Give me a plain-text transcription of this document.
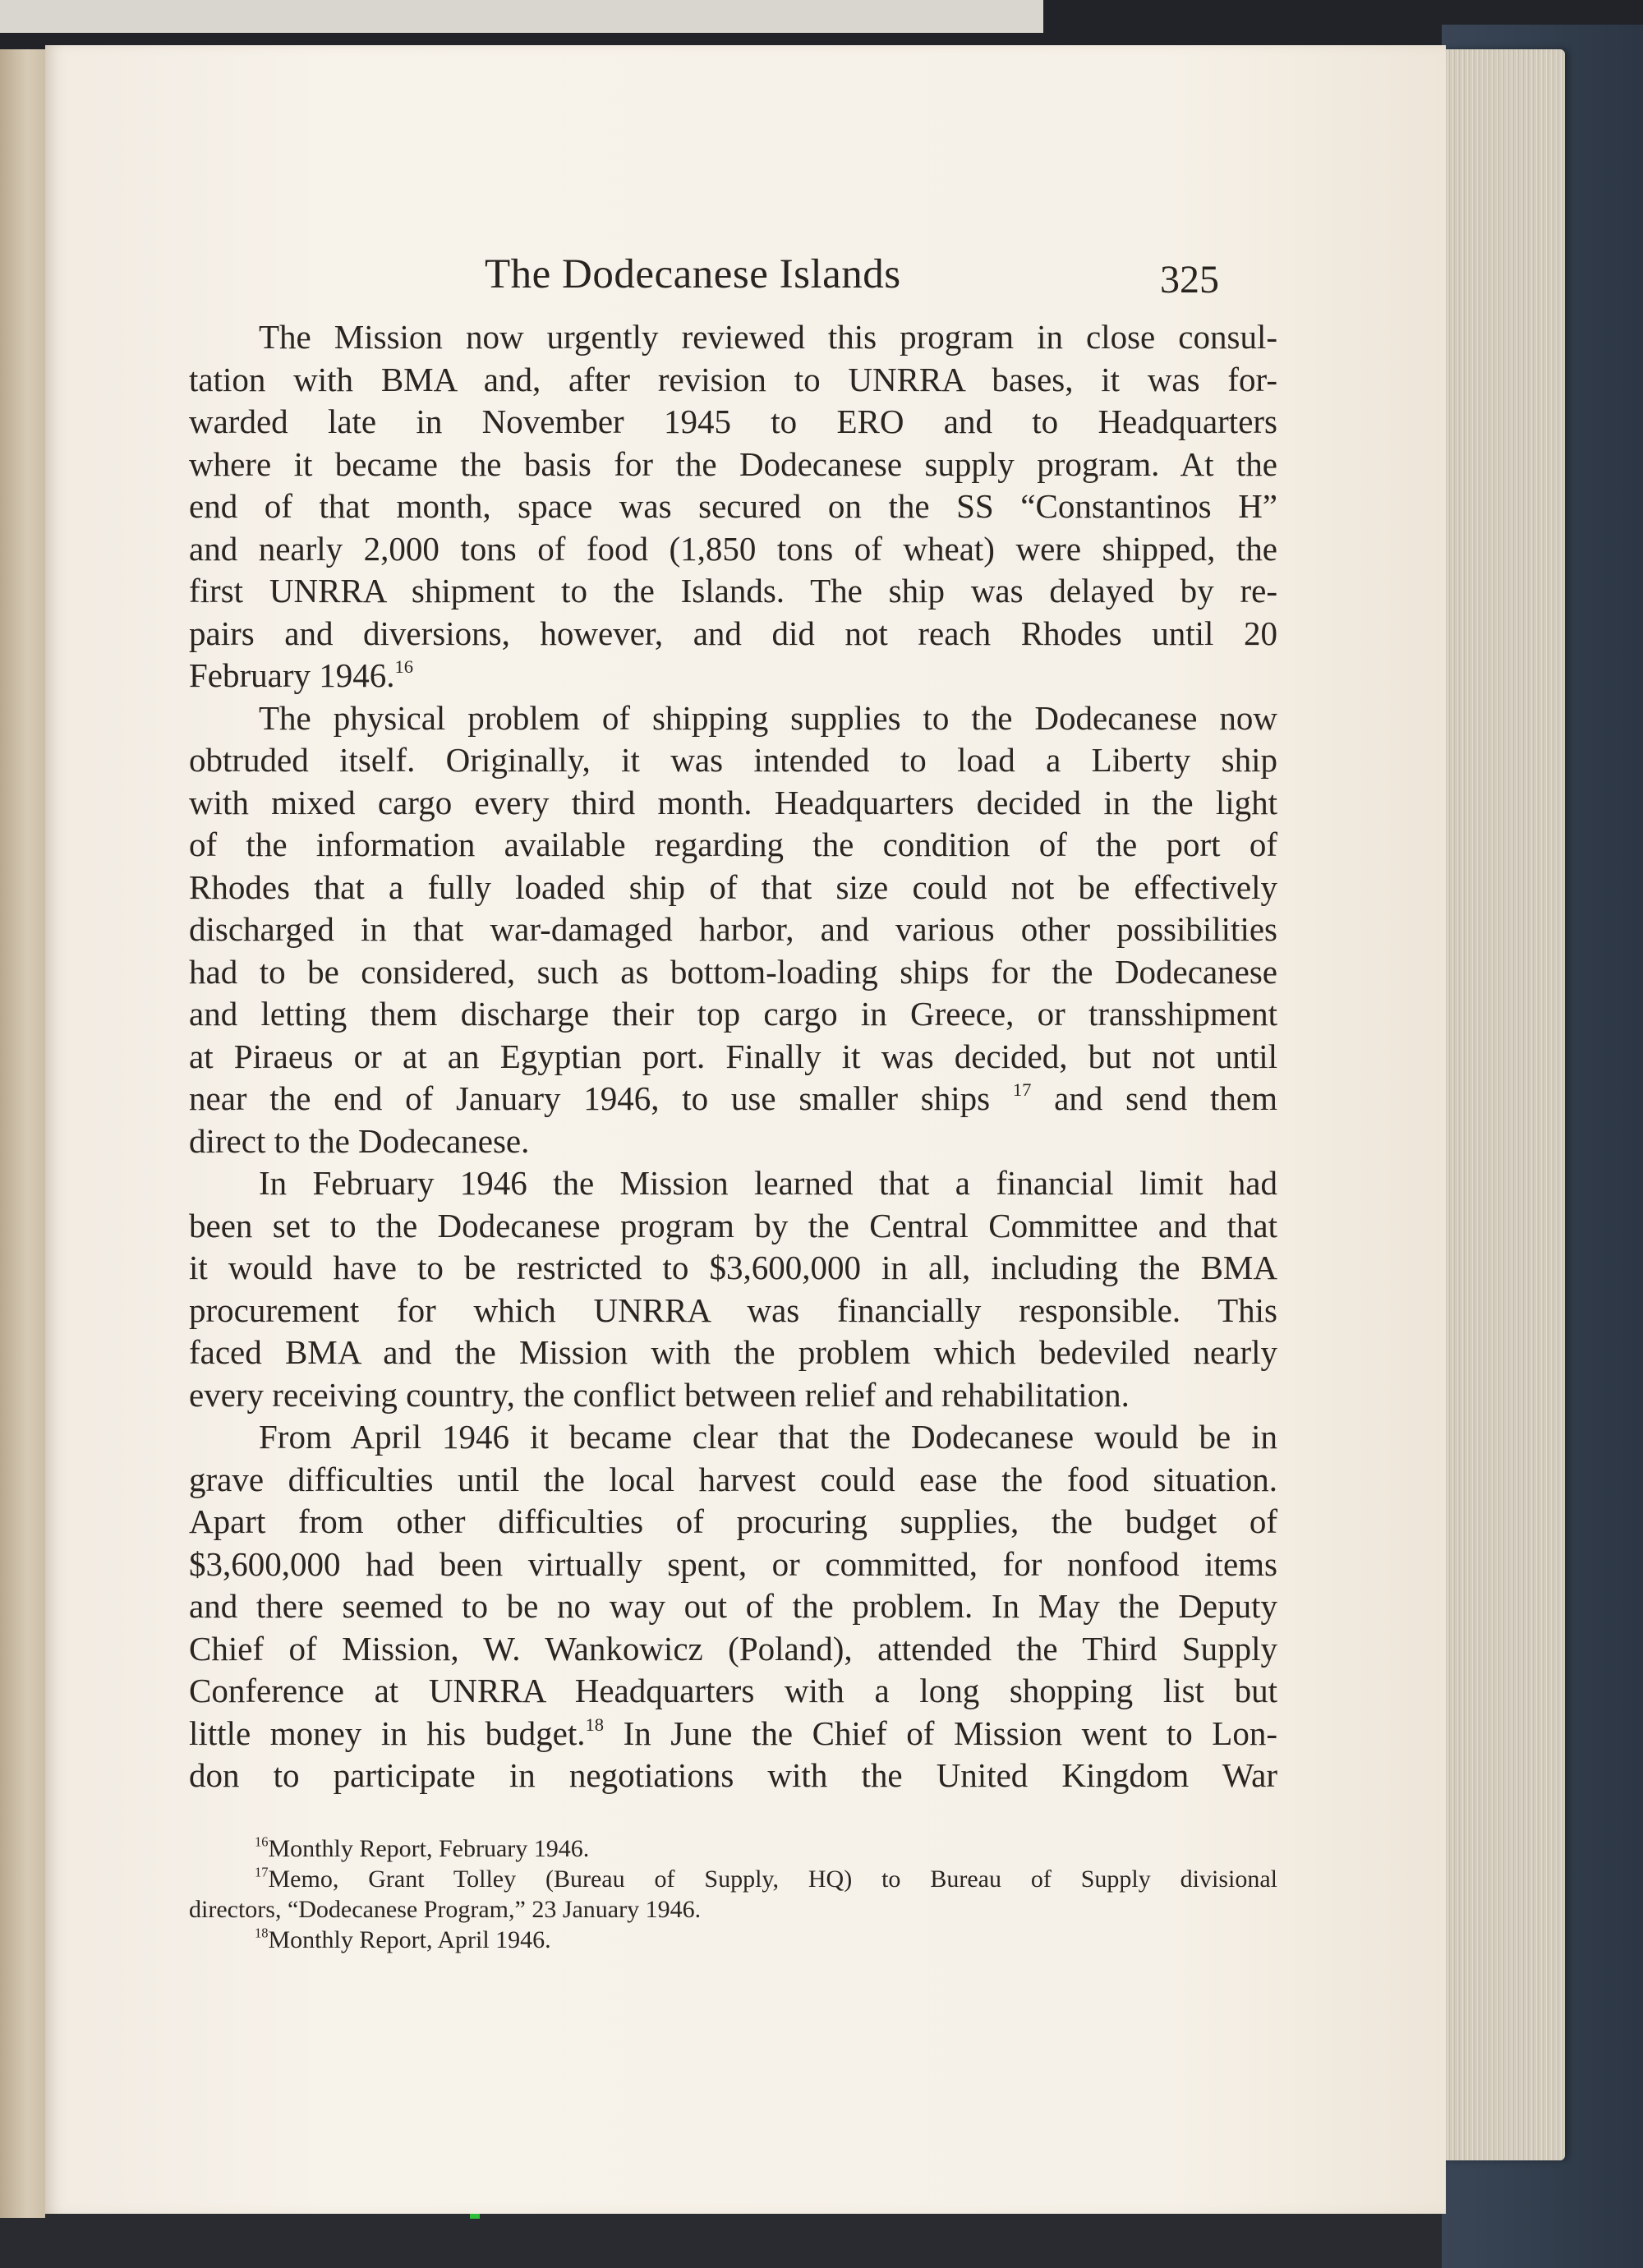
The Dodecanese Islands	325
The Mission now urgently reviewed this program in close consul-
tation with BMA and, after revision to UNRRA bases, it was for-
warded late in November 1945 to ERO and to Headquarters
where it became the basis for the Dodecanese supply program. At the
end of that month, space was secured on the SS “Constantinos H”
and nearly 2,000 tons of food (1,850 tons of wheat) were shipped, the
first UNRRA shipment to the Islands. The ship was delayed by re-
pairs and diversions, however, and did not reach Rhodes until 20
February 1946.16
The physical problem of shipping supplies to the Dodecanese now
obtruded itself. Originally, it was intended to load a Liberty ship
with mixed cargo every third month. Headquarters decided in the light
of the information available regarding the condition of the port of
Rhodes that a fully loaded ship of that size could not be effectively
discharged in that war-damaged harbor, and various other possibilities
had to be considered, such as bottom-loading ships for the Dodecanese
and letting them discharge their top cargo in Greece, or transshipment
at Piraeus or at an Egyptian port. Finally it was decided, but not until
near the end of January 1946, to use smaller ships $^{17}$ and send them
direct to the Dodecanese.
In February 1946 the Mission learned that a financial limit had
been set to the Dodecanese program by the Central Committee and that
it would have to be restricted to $3,600,000 in all, including the BMA
procurement for which UNRRA was financially responsible. This
faced BMA and the Mission with the problem which bedeviled nearly
every receiving country, the conflict between relief and rehabilitation.
From April 1946 it became clear that the Dodecanese would be in
grave difficulties until the local harvest could ease the food situation.
Apart from other difficulties of procuring supplies, the budget of
$3,600,000 had been virtually spent, or committed, for nonfood items
and there seemed to be no way out of the problem. In May the Deputy
Chief of Mission, W. Wankowicz (Poland), attended the Third Supply
Conference at UNRRA Headquarters with a long shopping list but
little money in his budget.$^{18}$ In June the Chief of Mission went to Lon-
don to participate in negotiations with the United Kingdom War
$^{16}$Monthly Report, February 1946.
$^{17}$Memo, Grant Tolley (Bureau of Supply, HQ) to Bureau of Supply divisional
directors, “Dodecanese Program,” 23 January 1946.
$^{18}$Monthly Report, April 1946.
